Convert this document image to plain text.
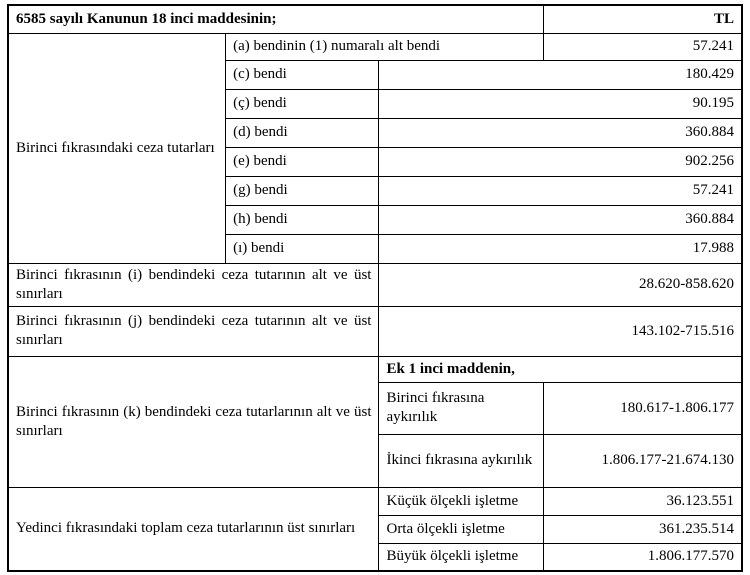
6585 sayılı Kanunun 18 inci maddesinin;			TL
Birinci fıkrasındaki ceza tutarları	(a) bendinin (1) numaralı alt bendi		57.241
	(c) bendi	180.429	
	(ç) bendi	90.195	
	(d) bendi	360.884	
	(e) bendi	902.256	
	(g) bendi	57.241	
	(h) bendi	360.884	
	(ı) bendi	17.988	
Birinci fıkrasının (i) bendindeki ceza tutarının alt ve üst sınırları		28.620-858.620	
Birinci fıkrasının (j) bendindeki ceza tutarının alt ve üst sınırları		143.102-715.516	
Birinci fıkrasının (k) bendindeki ceza tutarlarının alt ve üst sınırları		Ek 1 inci maddenin,	
		Birinci fıkrasına aykırılık	180.617-1.806.177
		İkinci fıkrasına aykırılık	1.806.177-21.674.130
Yedinci fıkrasındaki toplam ceza tutarlarının üst sınırları		Küçük ölçekli işletme	36.123.551
		Orta ölçekli işletme	361.235.514
		Büyük ölçekli işletme	1.806.177.570
